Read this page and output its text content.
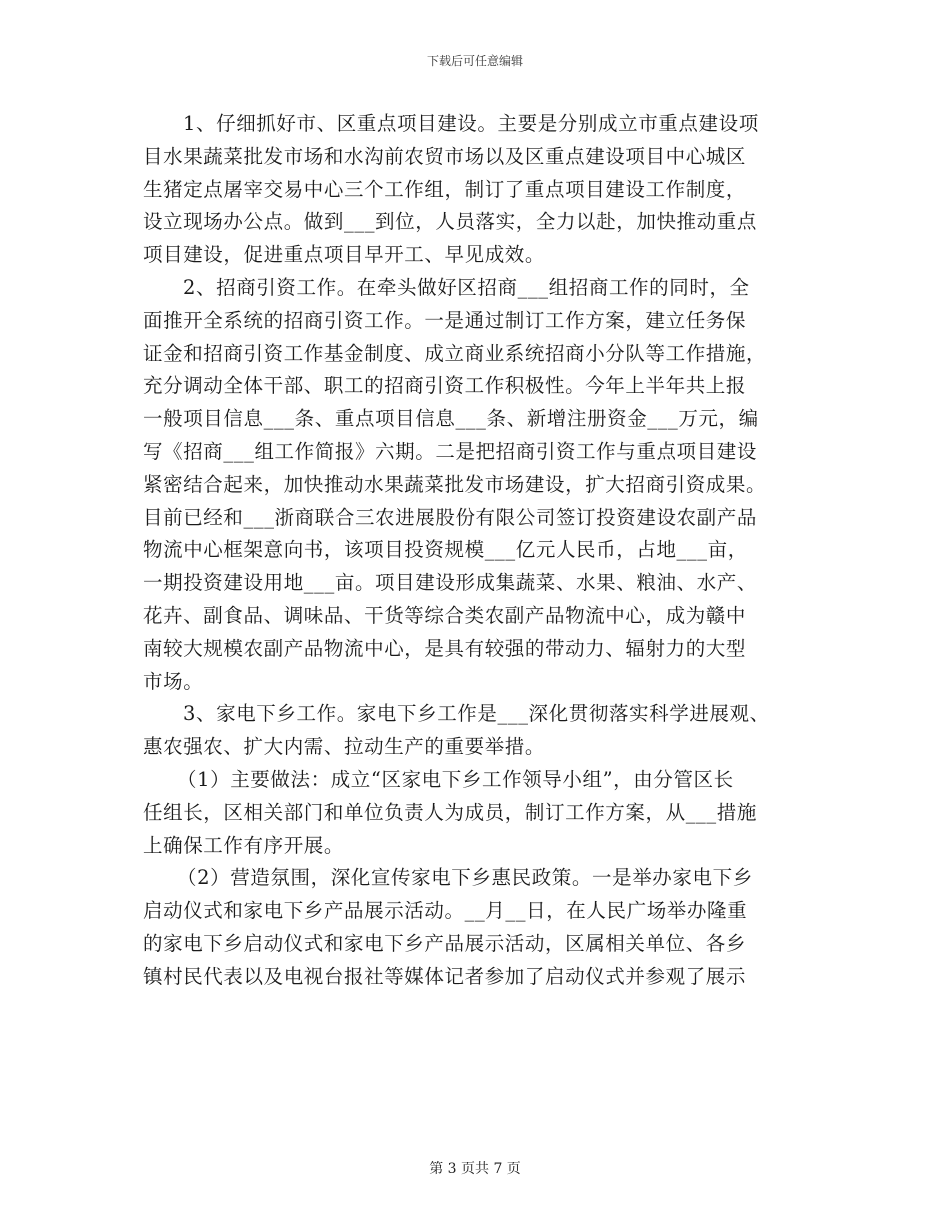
下载后可任意编辑
1、仔细抓好市、区重点项目建设。主要是分别成立市重点建设项
目水果蔬菜批发市场和水沟前农贸市场以及区重点建设项目中心城区
生猪定点屠宰交易中心三个工作组，制订了重点项目建设工作制度，
设立现场办公点。做到___到位，人员落实，全力以赴，加快推动重点
项目建设，促进重点项目早开工、早见成效。
2、招商引资工作。在牵头做好区招商___组招商工作的同时，全
面推开全系统的招商引资工作。一是通过制订工作方案，建立任务保
证金和招商引资工作基金制度、成立商业系统招商小分队等工作措施，
充分调动全体干部、职工的招商引资工作积极性。今年上半年共上报
一般项目信息___条、重点项目信息___条、新增注册资金___万元，编
写《招商___组工作简报》六期。二是把招商引资工作与重点项目建设
紧密结合起来，加快推动水果蔬菜批发市场建设，扩大招商引资成果。
目前已经和___浙商联合三农进展股份有限公司签订投资建设农副产品
物流中心框架意向书，该项目投资规模___亿元人民币，占地___亩，
一期投资建设用地___亩。项目建设形成集蔬菜、水果、粮油、水产、
花卉、副食品、调味品、干货等综合类农副产品物流中心，成为赣中
南较大规模农副产品物流中心，是具有较强的带动力、辐射力的大型
市场。
3、家电下乡工作。家电下乡工作是___深化贯彻落实科学进展观、
惠农强农、扩大内需、拉动生产的重要举措。
（1）主要做法：成立“区家电下乡工作领导小组”，由分管区长
任组长，区相关部门和单位负责人为成员，制订工作方案，从___措施
上确保工作有序开展。
（2）营造氛围，深化宣传家电下乡惠民政策。一是举办家电下乡
启动仪式和家电下乡产品展示活动。__月__日，在人民广场举办隆重
的家电下乡启动仪式和家电下乡产品展示活动，区属相关单位、各乡
镇村民代表以及电视台报社等媒体记者参加了启动仪式并参观了展示
第 3 页共 7 页
